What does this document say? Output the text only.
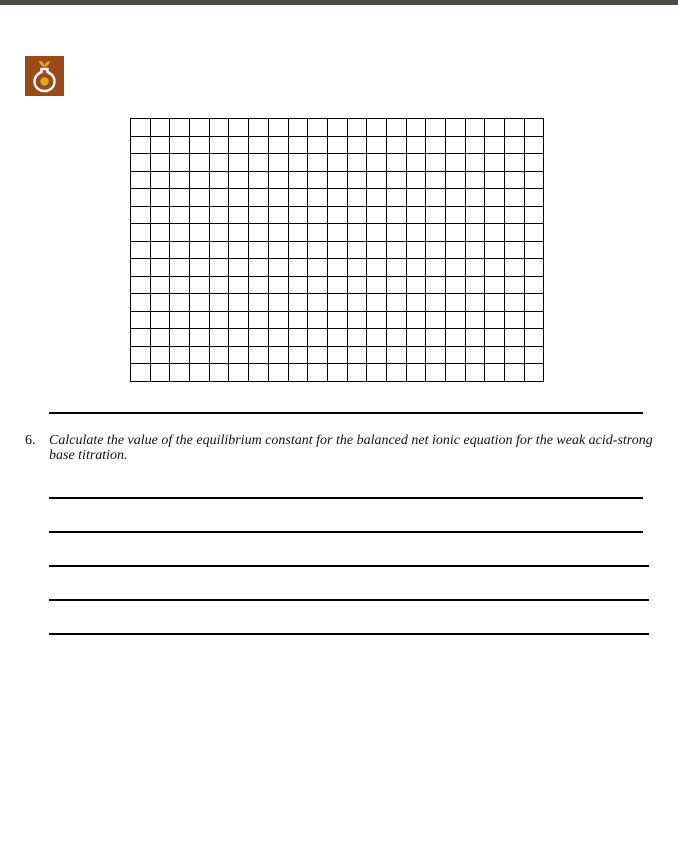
6. Calculate the value of the equilibrium constant for the balanced net ionic equation for the weak acid-strong base titration.
